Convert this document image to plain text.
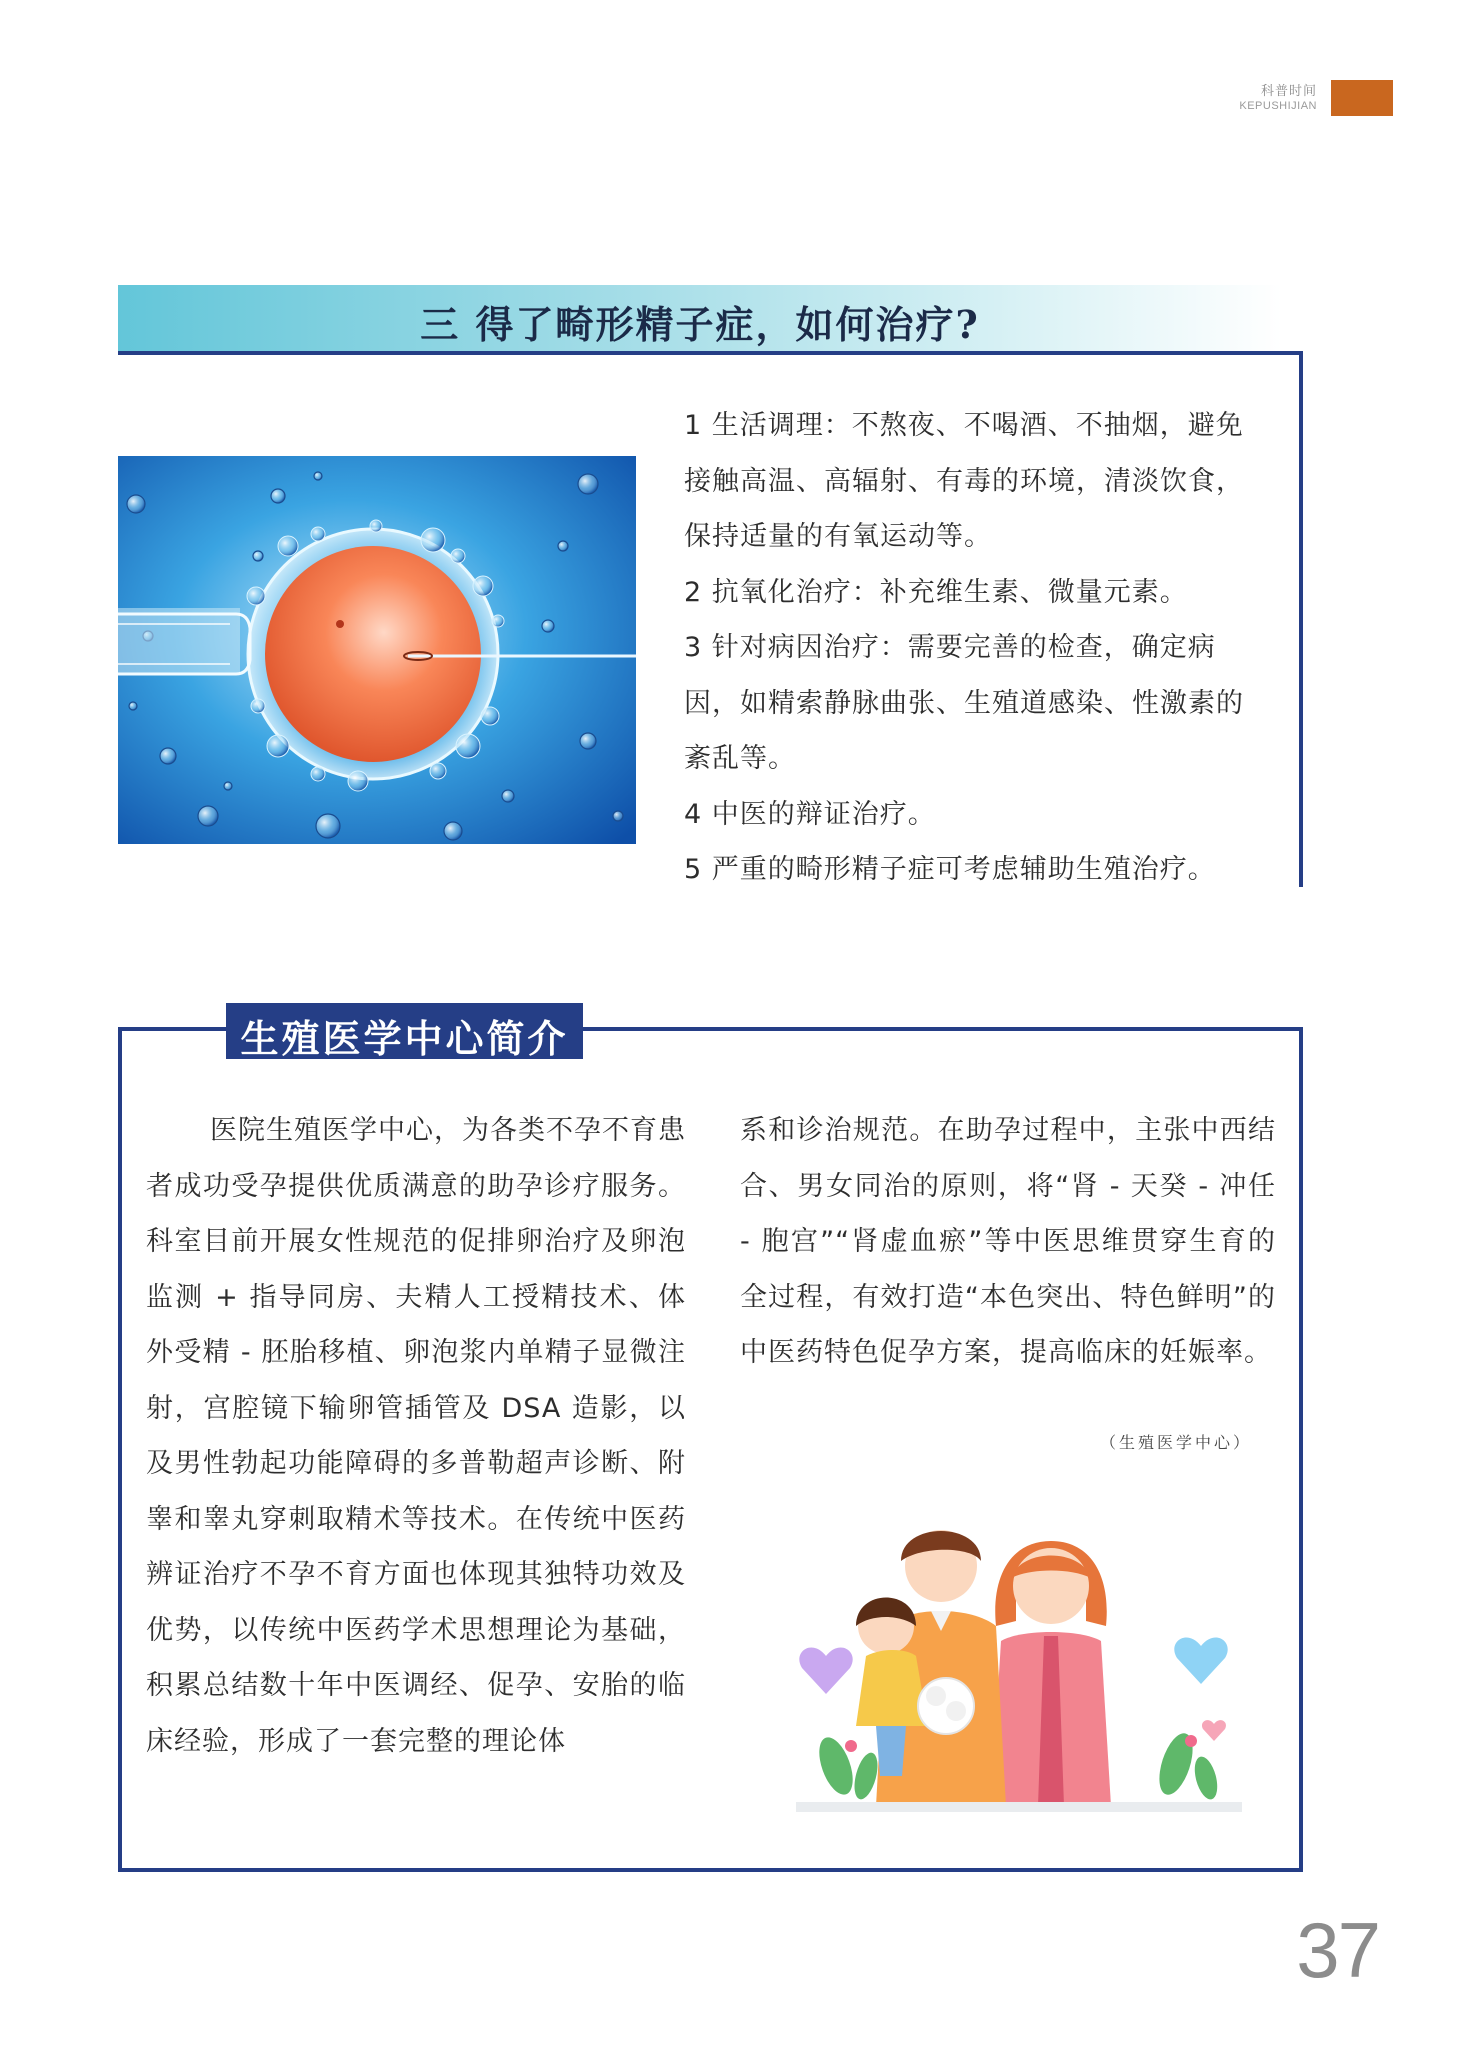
科普时间
KEPUSHIJIAN
三 得了畸形精子症，如何治疗?

1 生活调理：不熬夜、不喝酒、不抽烟，避免接触高温、高辐射、有毒的环境，清淡饮食，保持适量的有氧运动等。

2 抗氧化治疗：补充维生素、微量元素。

3 针对病因治疗：需要完善的检查，确定病因，如精索静脉曲张、生殖道感染、性激素的紊乱等。

4 中医的辩证治疗。

5 严重的畸形精子症可考虑辅助生殖治疗。

生殖医学中心简介
医院生殖医学中心，为各类不孕不育患者成功受孕提供优质满意的助孕诊疗服务。科室目前开展女性规范的促排卵治疗及卵泡监测 + 指导同房、夫精人工授精技术、体外受精 - 胚胎移植、卵泡浆内单精子显微注射，宫腔镜下输卵管插管及 DSA 造影，以及男性勃起功能障碍的多普勒超声诊断、附睾和睾丸穿刺取精术等技术。在传统中医药辨证治疗不孕不育方面也体现其独特功效及优势，以传统中医药学术思想理论为基础，积累总结数十年中医调经、促孕、安胎的临床经验，形成了一套完整的理论体
系和诊治规范。在助孕过程中，主张中西结合、男女同治的原则，将“肾 - 天癸 - 冲任 - 胞宫”“肾虚血瘀”等中医思维贯穿生育的全过程，有效打造“本色突出、特色鲜明”的中医药特色促孕方案，提高临床的妊娠率。
（生殖医学中心）
37
